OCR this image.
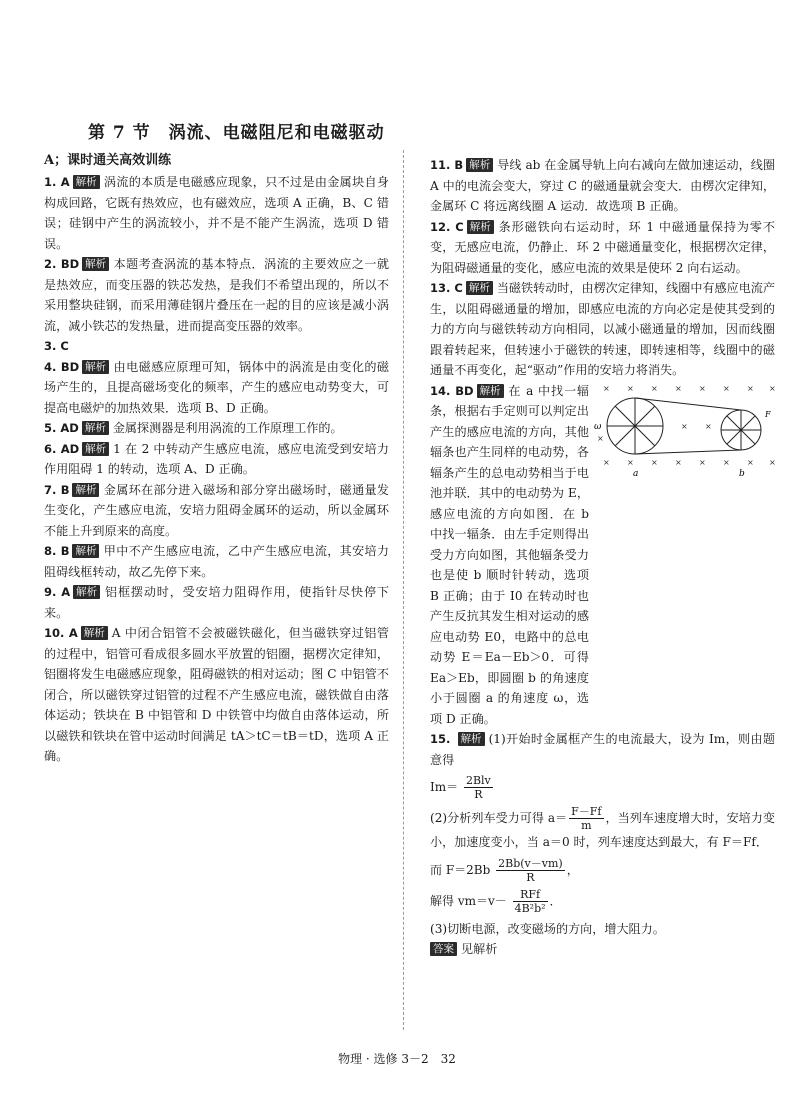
第 7 节　涡流、电磁阻尼和电磁驱动
A；课时通关高效训练

1. A 解析 涡流的本质是电磁感应现象，只不过是由金属块自身构成回路，它既有热效应，也有磁效应，选项 A 正确，B、C 错误；硅钢中产生的涡流较小，并不是不能产生涡流，选项 D 错误。

2. BD 解析 本题考查涡流的基本特点．涡流的主要效应之一就是热效应，而变压器的铁芯发热，是我们不希望出现的，所以不采用整块硅钢，而采用薄硅钢片叠压在一起的目的应该是减小涡流，减小铁芯的发热量，进而提高变压器的效率。

3. C

4. BD 解析 由电磁感应原理可知，锅体中的涡流是由变化的磁场产生的，且提高磁场变化的频率，产生的感应电动势变大，可提高电磁炉的加热效果．选项 B、D 正确。

5. AD 解析 金属探测器是利用涡流的工作原理工作的。

6. AD 解析 1 在 2 中转动产生感应电流，感应电流受到安培力作用阻碍 1 的转动，选项 A、D 正确。

7. B 解析 金属环在部分进入磁场和部分穿出磁场时，磁通量发生变化，产生感应电流，安培力阻碍金属环的运动，所以金属环不能上升到原来的高度。

8. B 解析 甲中不产生感应电流，乙中产生感应电流，其安培力阻碍线框转动，故乙先停下来。

9. A 解析 铝框摆动时，受安培力阻碍作用，使指针尽快停下来。

10. A 解析 A 中闭合铝管不会被磁铁磁化，但当磁铁穿过铝管的过程中，铝管可看成很多圆水平放置的铝圈，据楞次定律知，铝圈将发生电磁感应现象，阻碍磁铁的相对运动；图 C 中铝管不闭合，所以磁铁穿过铝管的过程不产生感应电流，磁铁做自由落体运动；铁块在 B 中铝管和 D 中铁管中均做自由落体运动，所以磁铁和铁块在管中运动时间满足 tA＞tC＝tB＝tD，选项 A 正确。

11. B 解析 导线 ab 在金属导轨上向右减向左做加速运动，线圈 A 中的电流会变大，穿过 C 的磁通量就会变大．由楞次定律知，金属环 C 将远离线圈 A 运动．故选项 B 正确。

12. C 解析 条形磁铁向右运动时，环 1 中磁通量保持为零不变，无感应电流，仍静止．环 2 中磁通量变化，根据楞次定律，为阻碍磁通量的变化，感应电流的效果是使环 2 向右运动。

13. C 解析 当磁铁转动时，由楞次定律知，线圈中有感应电流产生，以阻碍磁通量的增加，即感应电流的方向必定是使其受到的力的方向与磁铁转动方向相同，以减小磁通量的增加，因而线圈跟着转起来，但转速小于磁铁的转速，即转速相等，线圈中的磁通量不再变化，起“驱动”作用的安培力将消失。

× × × × × × × ×
×
× ×
× × × × × × × ×
a	b
ω
F

14. BD 解析 在 a 中找一辐条，根据右手定则可以判定出产生的感应电流的方向，其他辐条也产生同样的电动势，各辐条产生的总电动势相当于电池并联．其中的电动势为 E，感应电流的方向如图．在 b 中找一辐条．由左手定则得出受力方向如图，其他辐条受力也是使 b 顺时针转动，选项 B 正确；由于 I0 在转动时也产生反抗其发生相对运动的感应电动势 E0，电路中的总电动势 E＝Ea－Eb＞0．可得 Ea＞Eb，即圆圈 b 的角速度小于圆圈 a 的角速度 ω，选项 D 正确。

15. 解析 (1)开始时金属框产生的电流最大，设为 Im，则由题意得

$Im= \frac{\text{2Blv}}{R}$

(2)分析列车受力可得 $a= \frac{F-Ff}{m}$ ，当列车速度增大时，安培力变小，加速度变小，当 a＝0 时，列车速度达到最大，有 F＝Ff．

而 $F=2Bb \frac{2Bb(v-vm)}{R}$ ，
解得 $vm=v- \frac{\text{RFf}}{\text{4B²b²}}$ ．

(3)切断电源，改变磁场的方向，增大阻力。

答案 见解析

物理 · 选修 3－2　32
